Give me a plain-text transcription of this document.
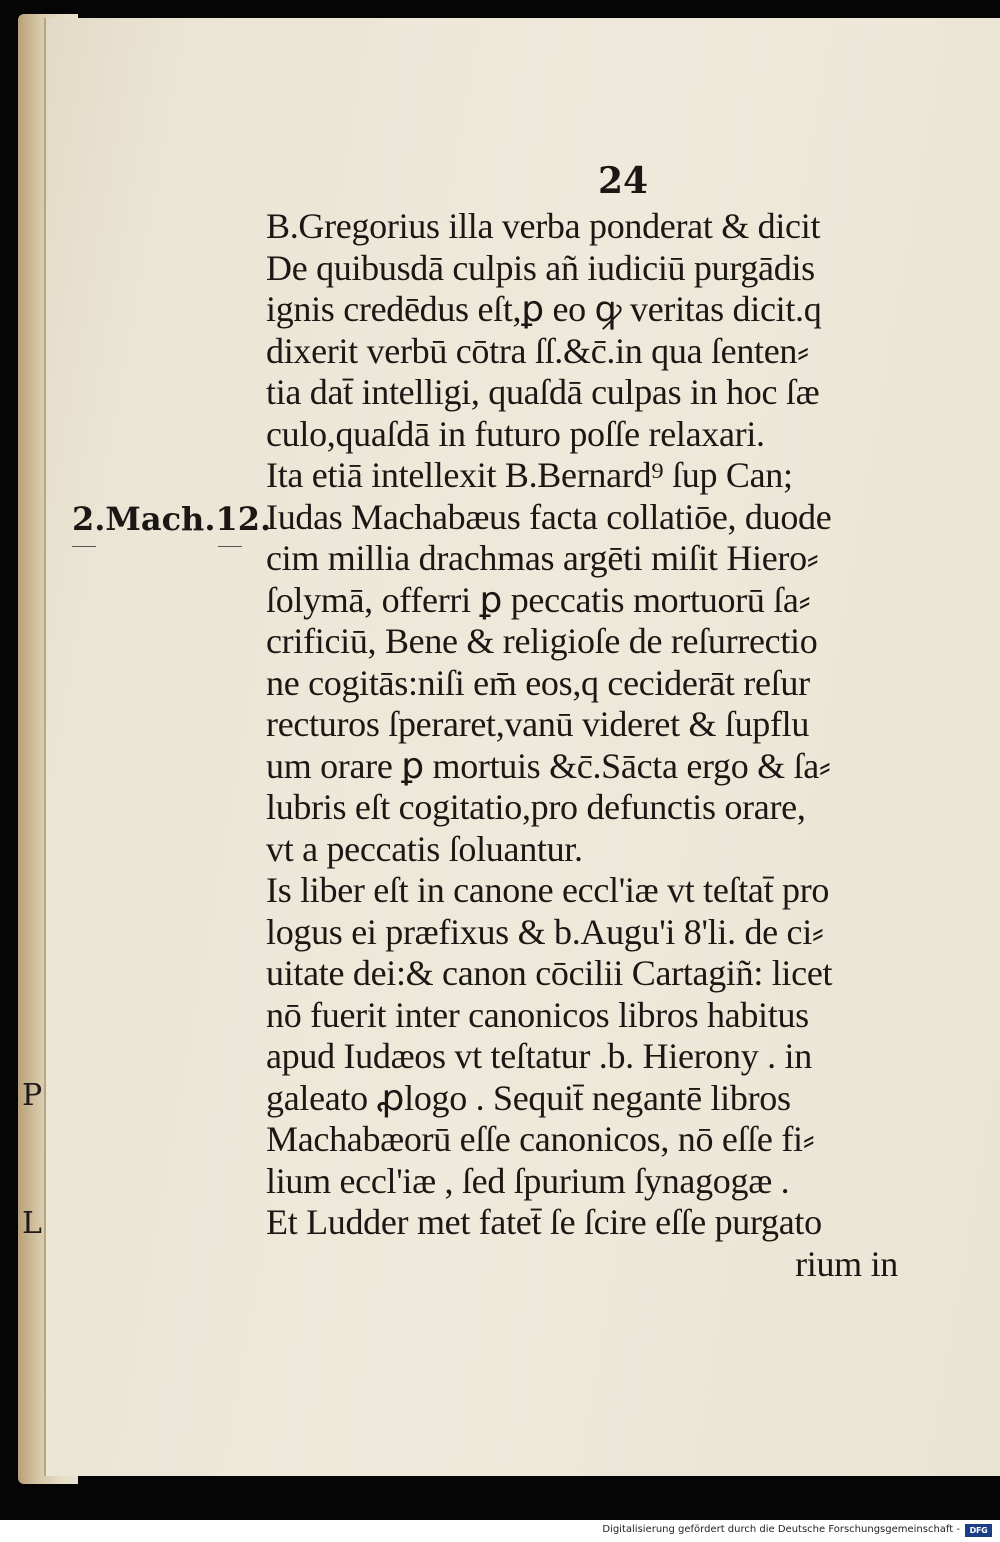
P
L
24
2.Mach.12.
B.Gregorius illa verba ponderat & dicit
De quibusdā culpis añ iudiciū purgādis
ignis credēdus eſt,ꝑ eo ꝙ veritas dicit.q
dixerit verbū cōtra ſſ.&c̄.in qua ſenten⸗
tia dat̄ intelligi, quaſdā culpas in hoc ſæ
culo,quaſdā in futuro poſſe relaxari.
Ita etiā intellexit B.Bernard⁹ ſup Can;
Iudas Machabæus facta collatiōe, duode
cim millia drachmas argēti miſit Hiero⸗
ſolymā, offerri ꝑ peccatis mortuorū ſa⸗
crificiū, Bene & religioſe de reſurrectio
ne cogitās:niſi em̄ eos,q ceciderāt reſur
recturos ſperaret,vanū videret & ſupflu
um orare ꝑ mortuis &c̄.Sācta ergo & ſa⸗
lubris eſt cogitatio,pro defunctis orare,
vt a peccatis ſoluantur.
Is liber eſt in canone eccl'iæ vt teſtat̄ pro
logus ei præfixus & b.Augu'i 8'li. de ci⸗
uitate dei:& canon cōcilii Cartagiñ: licet
nō fuerit inter canonicos libros habitus
apud Iudæos vt teſtatur .b. Hierony . in
galeato ꝓlogo . Sequit̄ negantē libros
Machabæorū eſſe canonicos, nō eſſe fi⸗
lium eccl'iæ , ſed ſpurium ſynagogæ .
Et Ludder met fatet̄ ſe ſcire eſſe purgato
rium in
Digitalisierung gefördert durch die Deutsche Forschungsgemeinschaft -	DFG
